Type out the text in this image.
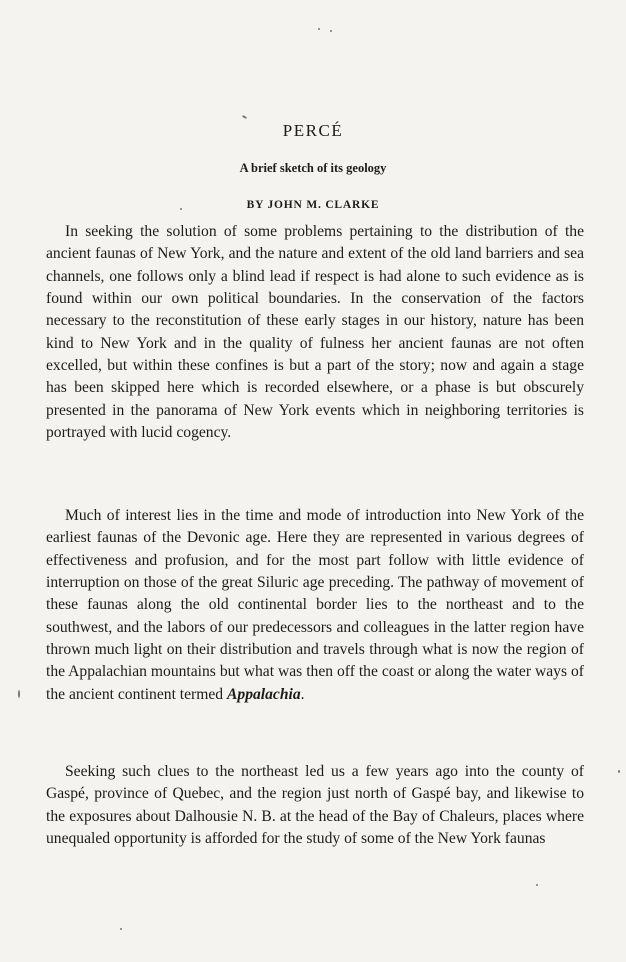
PERCÉ
A brief sketch of its geology
BY JOHN M. CLARKE

In seeking the solution of some problems pertaining to the distribution of the ancient faunas of New York, and the nature and extent of the old land barriers and sea channels, one follows only a blind lead if respect is had alone to such evidence as is found within our own political boundaries. In the conservation of the factors necessary to the reconstitution of these early stages in our history, nature has been kind to New York and in the quality of fulness her ancient faunas are not often excelled, but within these confines is but a part of the story; now and again a stage has been skipped here which is recorded elsewhere, or a phase is but obscurely presented in the panorama of New York events which in neighboring territories is portrayed with lucid cogency.

Much of interest lies in the time and mode of introduction into New York of the earliest faunas of the Devonic age. Here they are represented in various degrees of effectiveness and profusion, and for the most part follow with little evidence of interruption on those of the great Siluric age preceding. The pathway of movement of these faunas along the old continental border lies to the northeast and to the southwest, and the labors of our predecessors and colleagues in the latter region have thrown much light on their distribution and travels through what is now the region of the Appalachian mountains but what was then off the coast or along the water ways of the ancient continent termed Appalachia.

Seeking such clues to the northeast led us a few years ago into the county of Gaspé, province of Quebec, and the region just north of Gaspé bay, and likewise to the exposures about Dalhousie N. B. at the head of the Bay of Chaleurs, places where unequaled opportunity is afforded for the study of some of the New York faunas
